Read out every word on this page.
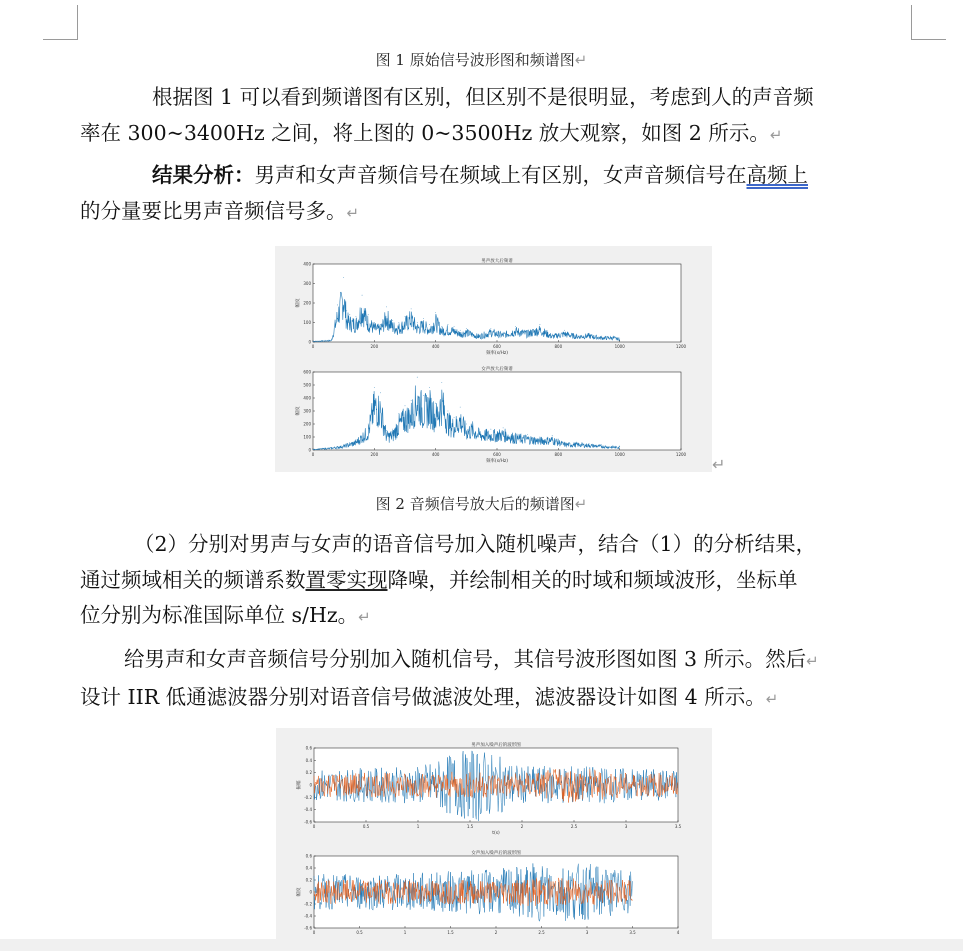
图 1 原始信号波形图和频谱图↵
根据图 1 可以看到频谱图有区别，但区别不是很明显，考虑到人的声音频
率在 300~3400Hz 之间，将上图的 0~3500Hz 放大观察，如图 2 所示。↵
结果分析：男声和女声音频信号在频域上有区别，女声音频信号在高频上
的分量要比男声音频信号多。↵
0	200	400	600	800	1000	1200
0
100
200
300
400	男声放大后频谱
频率(s/Hz)
幅度
0	200	400	600	800	1000	1200
0
100
200
300
400
500
600	女声放大后频谱
频率(s/Hz)
幅度
↵
图 2 音频信号放大后的频谱图↵
（2）分别对男声与女声的语音信号加入随机噪声，结合（1）的分析结果，
通过频域相关的频谱系数置零实现降噪，并绘制相关的时域和频域波形，坐标单
位分别为标准国际单位 s/Hz。↵
给男声和女声音频信号分别加入随机信号，其信号波形图如图 3 所示。然后↵
设计 IIR 低通滤波器分别对语音信号做滤波处理，滤波器设计如图 4 所示。↵
0	0.5	1	1.5	2	2.5	3	3.5
-0.6
-0.4
-0.2
0
0.2
0.4
0.6	男声加入噪声后的波形图
t(s)
振幅
0	0.5	1	1.5	2	2.5	3	3.5	4
-0.6
-0.4
-0.2
0
0.2
0.4
0.6	女声加入噪声后的波形图
幅度
